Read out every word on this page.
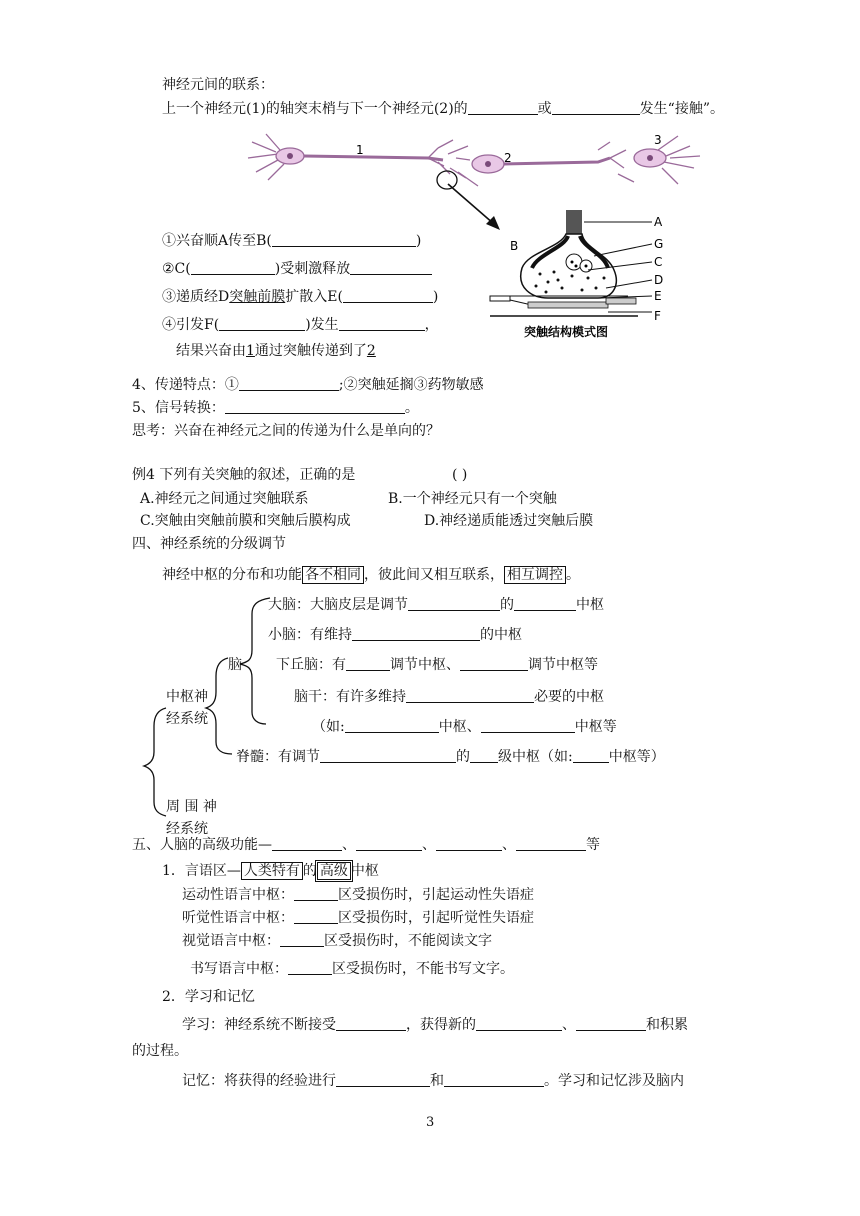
神经元间的联系：
上一个神经元(1)的轴突末梢与下一个神经元(2)的	或	发生“接触”。
1
2
3
A
B	G
C
D
E
F
突触结构模式图
①兴奋顺A传至B(	)
②C(	)受刺激释放
③递质经D突触前膜扩散入E(	)
④引发F(	)发生	，
结果兴奋由1通过突触传递到了2
4、传递特点：①	;②突触延搁③药物敏感
5、信号转换：	。
思考：兴奋在神经元之间的传递为什么是单向的？
例4 下列有关突触的叙述，正确的是	( )
A.神经元之间通过突触联系	B.一个神经元只有一个突触
C.突触由突触前膜和突触后膜构成	D.神经递质能透过突触后膜
四、神经系统的分级调节
神经中枢的分布和功能 各不相同 ，彼此间又相互联系， 相互调控 。
大脑：大脑皮层是调节	的	中枢
小脑：有维持	的中枢
脑 下丘脑：有	调节中枢、	调节中枢等
脑干：有许多维持	必要的中枢
中枢神
经系统	（如:	中枢、	中枢等
脊髓：有调节	的 级中枢（如:	中枢等）
周 围 神
经系统
五、人脑的高级功能—	、	、	、	等
1．言语区— 人类特有 的 高级 中枢
运动性语言中枢：	区受损伤时，引起运动性失语症
听觉性语言中枢：	区受损伤时，引起听觉性失语症
视觉语言中枢：	区受损伤时，不能阅读文字
书写语言中枢：	区受损伤时，不能书写文字。
2．学习和记忆
学习：神经系统不断接受	，获得新的	、	和积累
的过程。
记忆：将获得的经验进行	和	。学习和记忆涉及脑内
3
